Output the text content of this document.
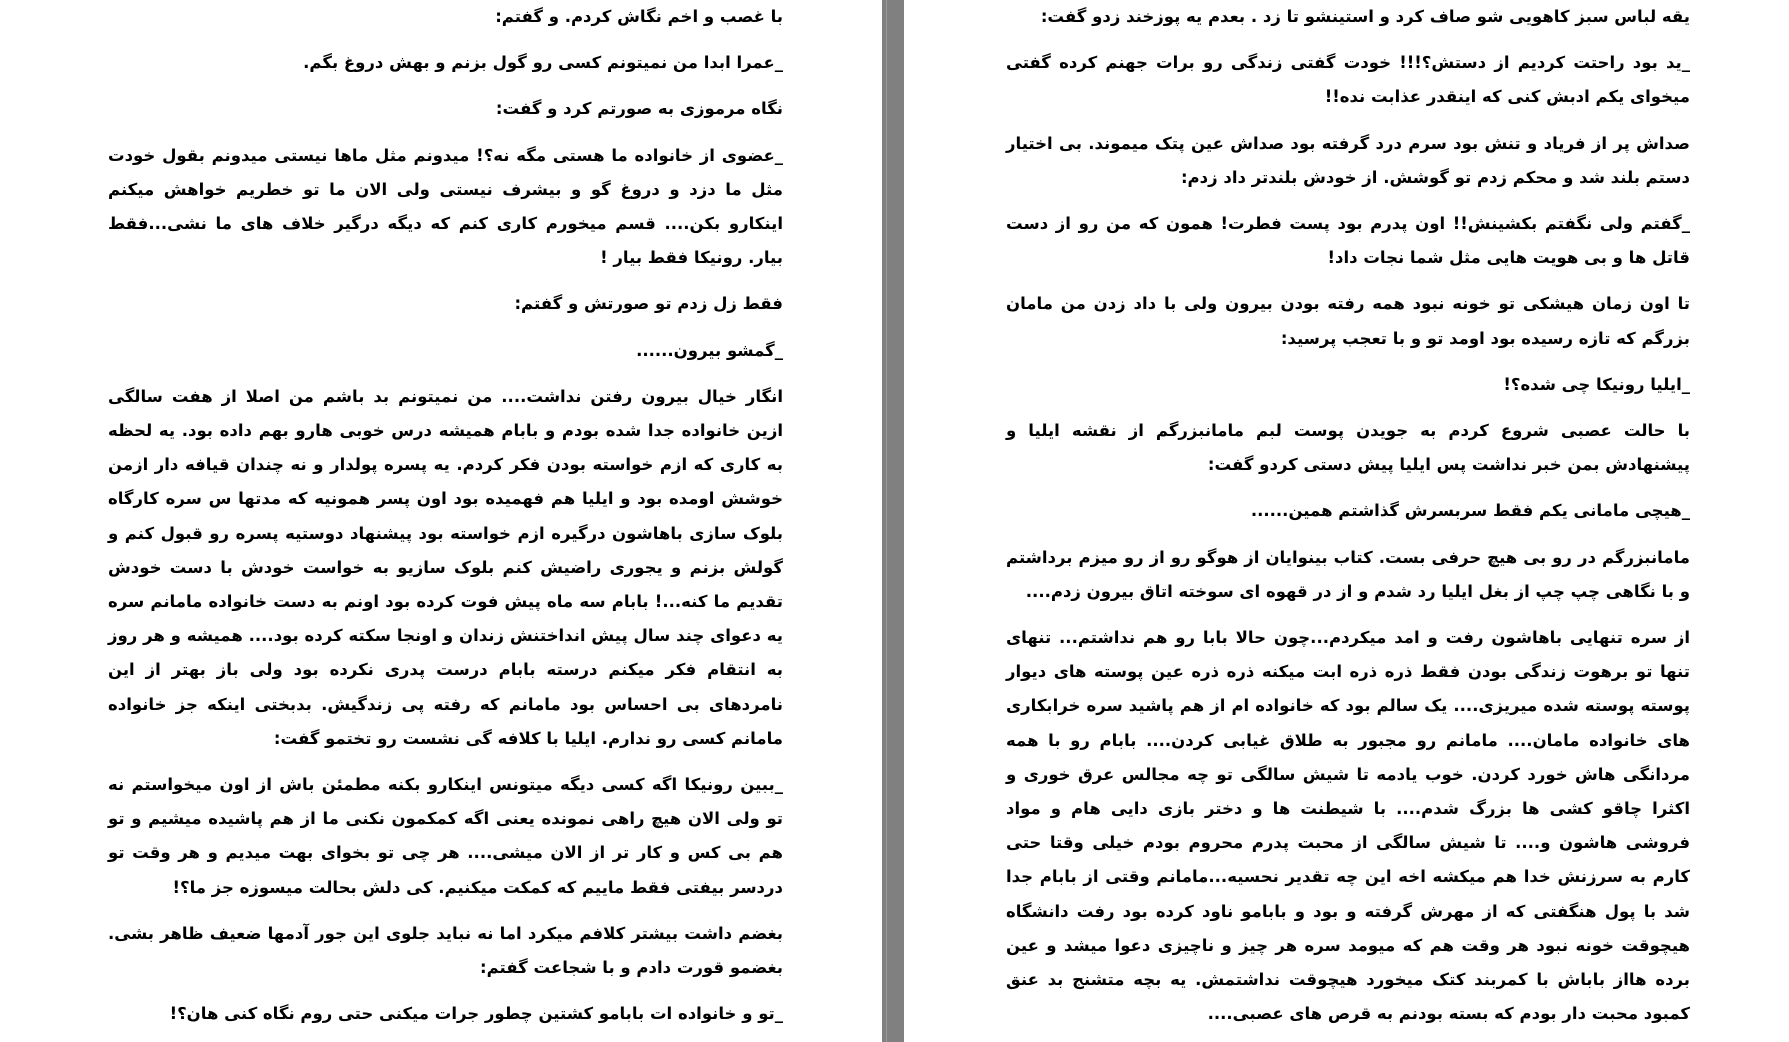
با غصب و اخم نگاش کردم. و گفتم:

_عمرا ابدا من نمیتونم کسی رو گول بزنم و بهش دروغ بگم.

نگاه مرموزی به صورتم کرد و گفت:

_عضوی از خانواده ما هستی مگه نه؟! میدونم مثل ماها نیستی میدونم بقول خودت مثل ما دزد و دروغ گو و بیشرف نیستی ولی الان ما تو خطریم خواهش میکنم اینکارو بکن.... قسم میخورم کاری کنم که دیگه درگیر خلاف های ما نشی...فقط بیار. رونیکا فقط بیار !

فقط زل زدم تو صورتش و گفتم:

_گمشو بیرون......

انگار خیال بیرون رفتن نداشت.... من نمیتونم بد باشم من اصلا از هفت سالگی ازین خانواده جدا شده بودم و بابام همیشه درس خوبی هارو بهم داده بود. یه لحظه به کاری که ازم خواسته بودن فکر کردم. یه پسره پولدار و نه چندان قیافه دار ازمن خوشش اومده بود و ایلیا هم فهمیده بود اون پسر همونیه که مدتها س سره کارگاه بلوک سازی باهاشون درگیره ازم خواسته بود پیشنهاد دوستیه پسره رو قبول کنم و گولش بزنم و یجوری راضیش کنم بلوک سازیو به خواست خودش با دست خودش تقدیم ما کنه...! بابام سه ماه پیش فوت کرده بود اونم به دست خانواده مامانم سره یه دعوای چند سال پیش انداختنش زندان و اونجا سکته کرده بود.... همیشه و هر روز به انتقام فکر میکنم درسته بابام درست پدری نکرده بود ولی باز بهتر از این نامردهای بی احساس بود مامانم که رفته پی زندگیش. بدبختی اینکه جز خانواده مامانم کسی رو ندارم. ایلیا با کلافه گی نشست رو تختمو گفت:

_ببین رونیکا اگه کسی دیگه میتونس اینکارو بکنه مطمئن باش از اون میخواستم نه تو ولی الان هیچ راهی نمونده یعنی اگه کمکمون نکنی ما از هم پاشیده میشیم و تو هم بی کس و کار تر از الان میشی.... هر چی تو بخوای بهت میدیم و هر وقت تو دردسر بیفتی فقط ماییم که کمکت میکنیم. کی دلش بحالت میسوزه جز ما؟!

بغضم داشت بیشتر کلافم میکرد اما نه نباید جلوی این جور آدمها ضعیف ظاهر بشی. بغضمو قورت دادم و با شجاعت گفتم:

_تو و خانواده ات بابامو کشتین چطور جرات میکنی حتی روم نگاه کنی هان؟!

یقه لباس سبز کاهویی شو صاف کرد و استینشو تا زد . بعدم یه پوزخند زدو گفت:

_ید بود راحتت کردیم از دستش؟!!! خودت گفتی زندگی رو برات جهنم کرده گفتی میخوای یکم ادبش کنی که اینقدر عذابت نده!!

صداش پر از فریاد و تنش بود سرم درد گرفته بود صداش عین پتک میموند. بی اختیار دستم بلند شد و محکم زدم تو گوشش. از خودش بلندتر داد زدم:

_گفتم ولی نگفتم بکشینش!! اون پدرم بود پست فطرت! همون که من رو از دست قاتل ها و بی هویت هایی مثل شما نجات داد!

تا اون زمان هیشکی تو خونه نبود همه رفته بودن بیرون ولی با داد زدن من مامان بزرگم که تازه رسیده بود اومد تو و با تعجب پرسید:

_ایلیا رونیکا چی شده؟!

با حالت عصبی شروع کردم به جویدن پوست لبم مامانبزرگم از نقشه ایلیا و پیشنهادش بمن خبر نداشت پس ایلیا پیش دستی کردو گفت:

_هیچی مامانی یکم فقط سربسرش گذاشتم همین......

مامانبزرگم در رو بی هیچ حرفی بست. کتاب بینوایان از هوگو رو از رو میزم برداشتم و با نگاهی چپ چپ از بغل ایلیا رد شدم و از در قهوه ای سوخته اتاق بیرون زدم....

از سره تنهایی باهاشون رفت و امد میکردم...چون حالا بابا رو هم نداشتم... تنهای تنها تو برهوت زندگی بودن فقط ذره ذره ابت میکنه ذره ذره عین پوسته های دیوار پوسته پوسته شده میریزی.... یک سالم بود که خانواده ام از هم پاشید سره خرابکاری های خانواده مامان.... مامانم رو مجبور به طلاق غیابی کردن.... بابام رو با همه مردانگی هاش خورد کردن. خوب یادمه تا شیش سالگی تو چه مجالس عرق خوری و اکثرا چاقو کشی ها بزرگ شدم.... با شیطنت ها و دختر بازی دایی هام و مواد فروشی هاشون و.... تا شیش سالگی از محبت پدرم محروم بودم خیلی وقتا حتی کارم به سرزنش خدا هم میکشه اخه این چه تقدیر نحسیه...مامانم وقتی از بابام جدا شد با پول هنگفتی که از مهرش گرفته و بود و بابامو ناود کرده بود رفت دانشگاه هیچوقت خونه نبود هر وقت هم که میومد سره هر چیز و ناچیزی دعوا میشد و عین برده هااز باباش با کمربند کتک میخورد هیچوقت نداشتمش. یه بچه متشنج بد عنق کمبود محبت دار بودم که بسته بودنم به قرص های عصبی....
